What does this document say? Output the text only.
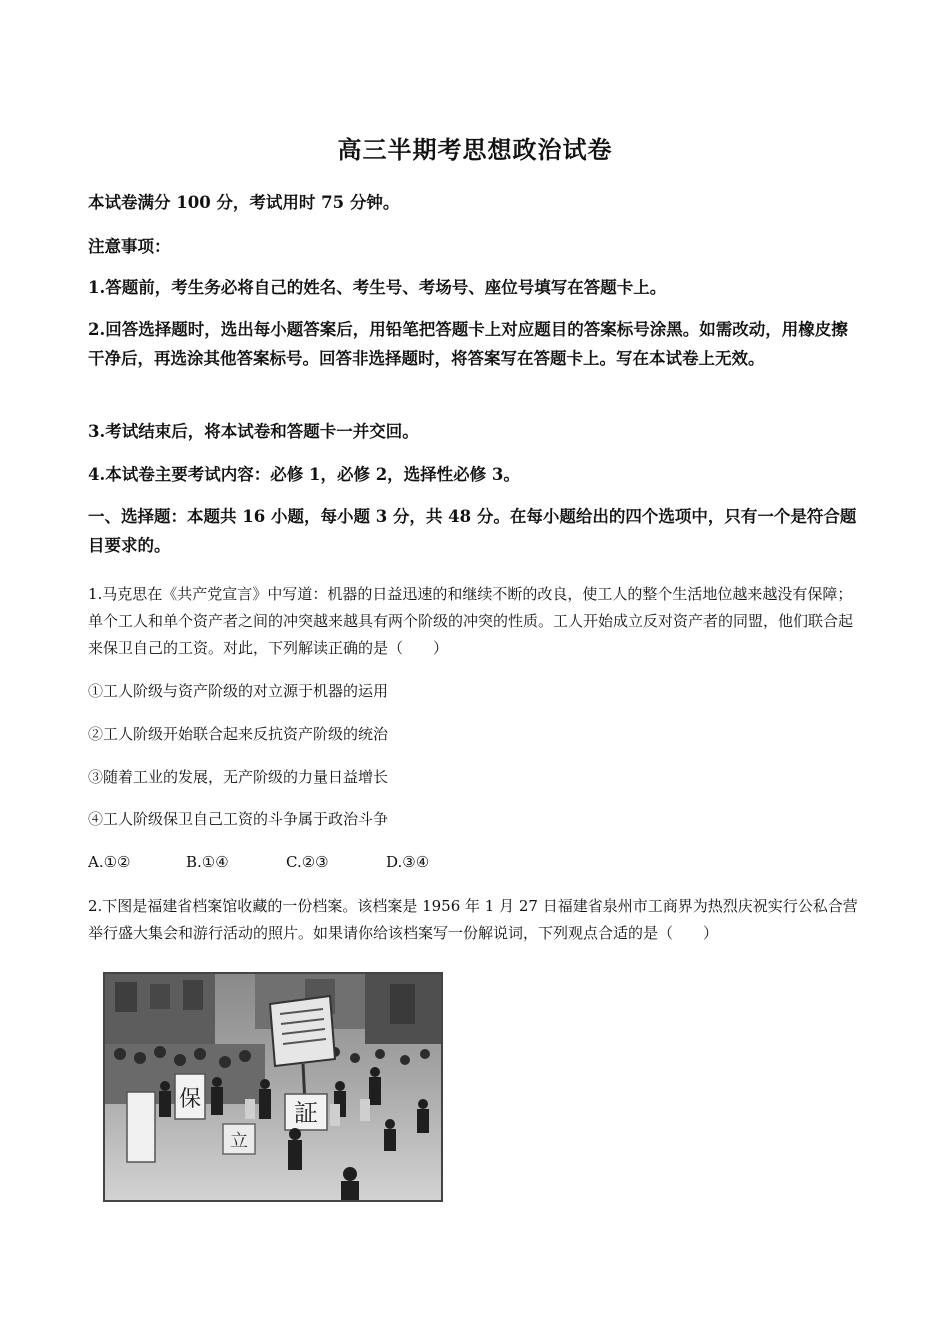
高三半期考思想政治试卷
本试卷满分 100 分，考试用时 75 分钟。
注意事项：
1.答题前，考生务必将自己的姓名、考生号、考场号、座位号填写在答题卡上。
2.回答选择题时，选出每小题答案后，用铅笔把答题卡上对应题目的答案标号涂黑。如需改动，用橡皮擦干净后，再选涂其他答案标号。回答非选择题时，将答案写在答题卡上。写在本试卷上无效。
3.考试结束后，将本试卷和答题卡一并交回。
4.本试卷主要考试内容：必修 1，必修 2，选择性必修 3。
一、选择题：本题共 16 小题，每小题 3 分，共 48 分。在每小题给出的四个选项中，只有一个是符合题目要求的。
1.马克思在《共产党宣言》中写道：机器的日益迅速的和继续不断的改良，使工人的整个生活地位越来越没有保障；单个工人和单个资产者之间的冲突越来越具有两个阶级的冲突的性质。工人开始成立反对资产者的同盟，他们联合起来保卫自己的工资。对此，下列解读正确的是（　　）
①工人阶级与资产阶级的对立源于机器的运用
②工人阶级开始联合起来反抗资产阶级的统治
③随着工业的发展，无产阶级的力量日益增长
④工人阶级保卫自己工资的斗争属于政治斗争
A.①②	B.①④	C.②③	D.③④
2.下图是福建省档案馆收藏的一份档案。该档案是 1956 年 1 月 27 日福建省泉州市工商界为热烈庆祝实行公私合营举行盛大集会和游行活动的照片。如果请你给该档案写一份解说词，下列观点合适的是（　　）
保	証
立
